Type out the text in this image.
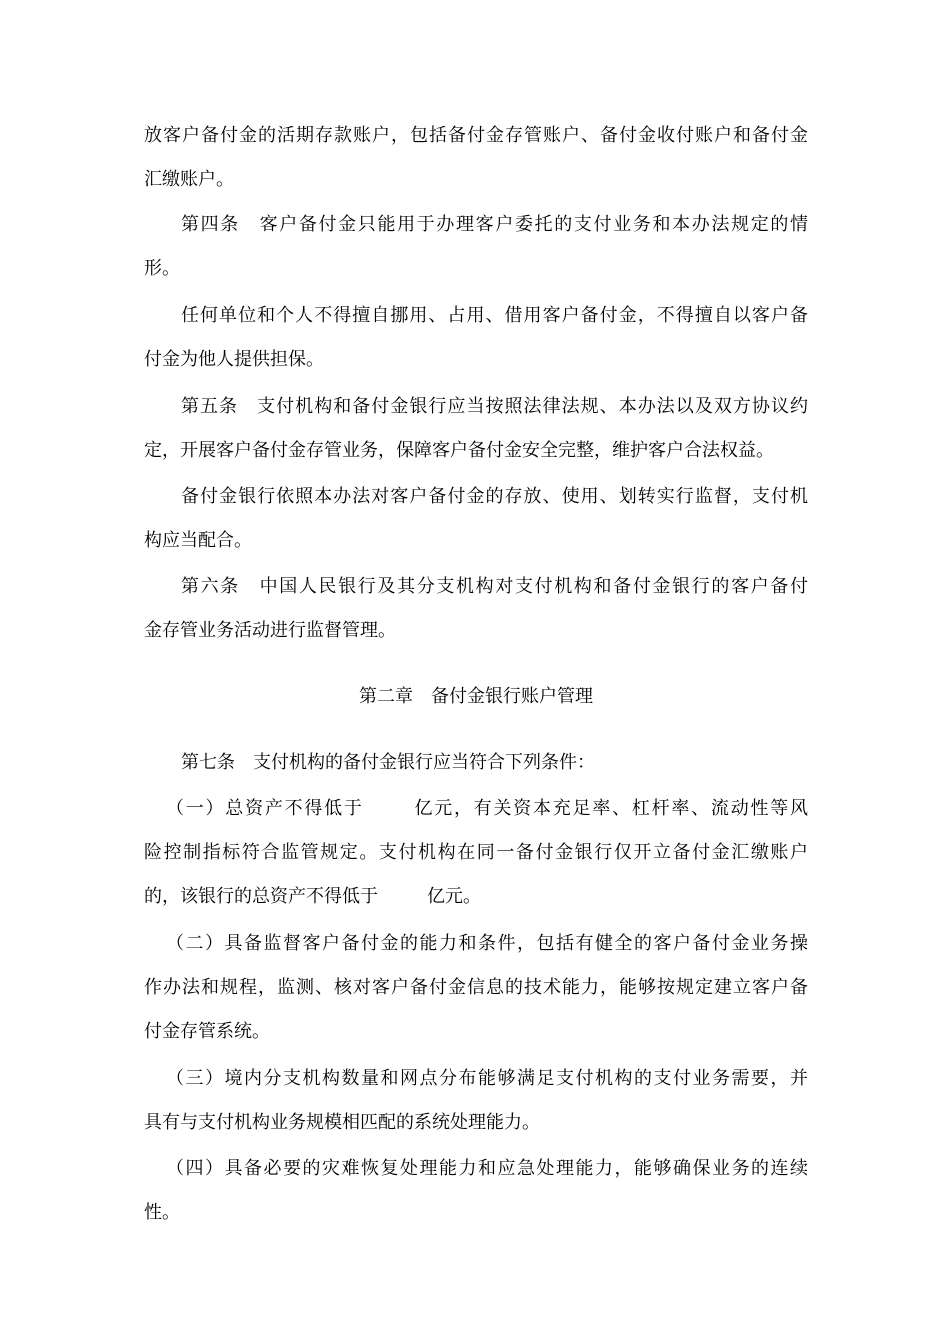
放客户备付金的活期存款账户，包括备付金存管账户、备付金收付账户和备付金
汇缴账户。
第四条 客户备付金只能用于办理客户委托的支付业务和本办法规定的情
形。
任何单位和个人不得擅自挪用、占用、借用客户备付金，不得擅自以客户备
付金为他人提供担保。
第五条 支付机构和备付金银行应当按照法律法规、本办法以及双方协议约
定，开展客户备付金存管业务，保障客户备付金安全完整，维护客户合法权益。
备付金银行依照本办法对客户备付金的存放、使用、划转实行监督，支付机
构应当配合。
第六条 中国人民银行及其分支机构对支付机构和备付金银行的客户备付
金存管业务活动进行监督管理。
第二章 备付金银行账户管理
第七条 支付机构的备付金银行应当符合下列条件：
（一）总资产不得低于	亿元，有关资本充足率、杠杆率、流动性等风
险控制指标符合监管规定。支付机构在同一备付金银行仅开立备付金汇缴账户
的，该银行的总资产不得低于	亿元。
（二）具备监督客户备付金的能力和条件，包括有健全的客户备付金业务操
作办法和规程，监测、核对客户备付金信息的技术能力，能够按规定建立客户备
付金存管系统。
（三）境内分支机构数量和网点分布能够满足支付机构的支付业务需要，并
具有与支付机构业务规模相匹配的系统处理能力。
（四）具备必要的灾难恢复处理能力和应急处理能力，能够确保业务的连续
性。
